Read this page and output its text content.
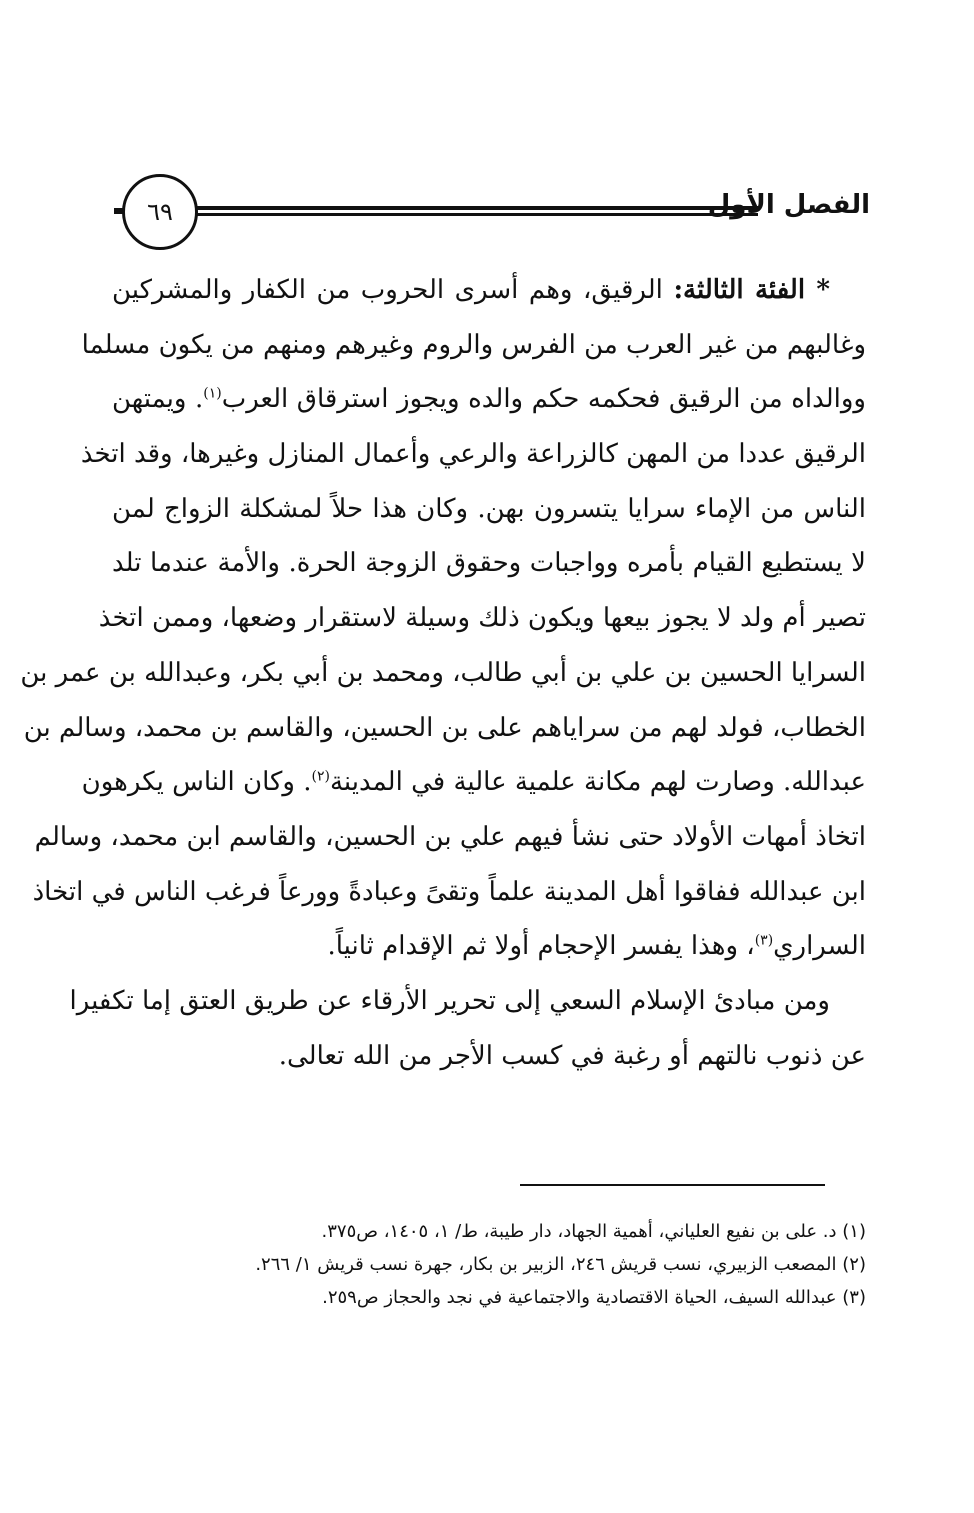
٦٩	الفصل الأول
* الفئة الثالثة: الرقيق، وهم أسرى الحروب من الكفار والمشركين
وغالبهم من غير العرب من الفرس والروم وغيرهم ومنهم من يكون مسلما
ووالداه من الرقيق فحكمه حكم والده ويجوز استرقاق العرب$^{(١)}$. ويمتهن
الرقيق عددا من المهن كالزراعة والرعي وأعمال المنازل وغيرها، وقد اتخذ
الناس من الإماء سرايا يتسرون بهن. وكان هذا حلاً لمشكلة الزواج لمن
لا يستطيع القيام بأمره وواجبات وحقوق الزوجة الحرة. والأمة عندما تلد
تصير أم ولد لا يجوز بيعها ويكون ذلك وسيلة لاستقرار وضعها، وممن اتخذ
السرايا الحسين بن علي بن أبي طالب، ومحمد بن أبي بكر، وعبدالله بن عمر بن
الخطاب، فولد لهم من سراياهم على بن الحسين، والقاسم بن محمد، وسالم بن
عبدالله. وصارت لهم مكانة علمية عالية في المدينة$^{(٢)}$. وكان الناس يكرهون
اتخاذ أمهات الأولاد حتى نشأ فيهم علي بن الحسين، والقاسم ابن محمد، وسالم
ابن عبدالله ففاقوا أهل المدينة علماً وتقىً وعبادةً وورعاً فرغب الناس في اتخاذ
السراري$^{(٣)}$، وهذا يفسر الإحجام أولا ثم الإقدام ثانياً.
ومن مبادئ الإسلام السعي إلى تحرير الأرقاء عن طريق العتق إما تكفيرا
عن ذنوب نالتهم أو رغبة في كسب الأجر من الله تعالى.
(١) د. على بن نفيع العلياني، أهمية الجهاد، دار طيبة، ط/ ١، ١٤٠٥، ص٣٧٥.
(٢) المصعب الزبيري، نسب قريش ٢٤٦، الزبير بن بكار، جهرة نسب قريش ١/ ٢٦٦.
(٣) عبدالله السيف، الحياة الاقتصادية والاجتماعية في نجد والحجاز ص٢٥٩.
